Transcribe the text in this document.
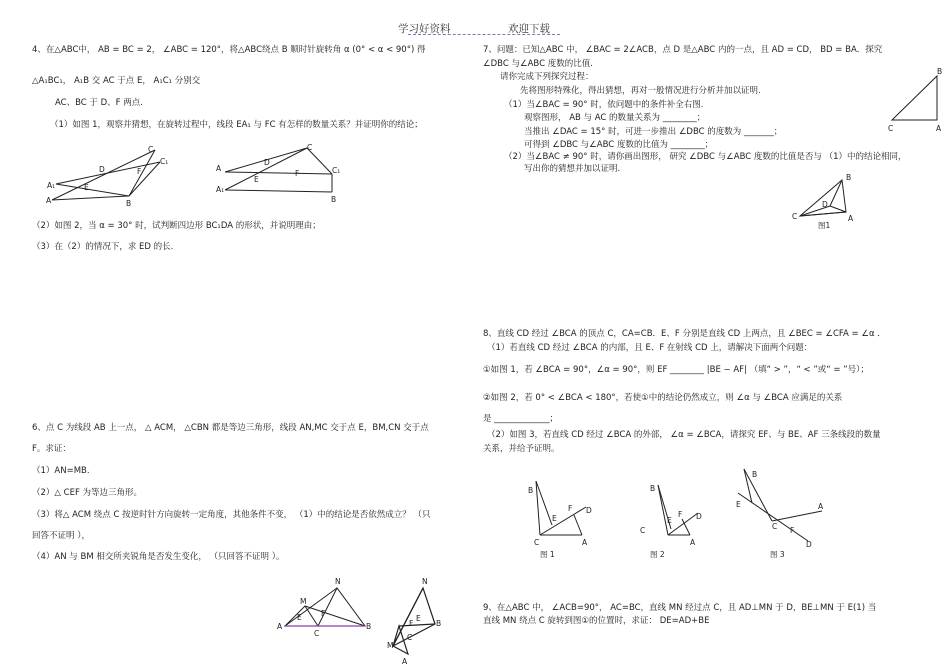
学习好资料	欢迎下载
4、在△ABC中， AB = BC = 2， ∠ABC = 120°，将△ABC绕点 B 顺时针旋转角 α (0° < α < 90°) 得
△A₁BC₁， A₁B 交 AC 于点 E， A₁C₁ 分别交
AC、BC 于 D、F 两点.
（1）如图 1，观察并猜想，在旋转过程中，线段 EA₁ 与 FC 有怎样的数量关系？并证明你的结论；
C
C₁
A₁
A
D
E
F
B
C
C₁
A
A₁
D
E
F
B
（2）如图 2，当 α = 30° 时，试判断四边形 BC₁DA 的形状，并说明理由；
（3）在（2）的情况下，求 ED 的长.
6、点 C 为线段 AB 上一点， △ ACM， △CBN 都是等边三角形，线段 AN,MC 交于点 E，BM,CN 交于点
F。求证：
（1）AN=MB.
（2）△ CEF 为等边三角形。
（3）将△ ACM 绕点 C 按逆时针方向旋转一定角度，其他条件不变， （1）中的结论是否依然成立？ （只
回答不证明 ），
（4）AN 与 BM 相交所夹锐角是否发生变化， （只回答不证明 ）。
N
M
A	B
C
E	F
N
B
M
A
F
E
C
7、问题：已知△ABC 中， ∠BAC = 2∠ACB，点 D 是△ABC 内的一点，且 AD = CD， BD = BA．探究
∠DBC 与∠ABC 度数的比值.
请你完成下列探究过程：
先将图形特殊化，得出猜想，再对一般情况进行分析并加以证明.
（1）当∠BAC = 90° 时，依问题中的条件补全右图.
观察图形， AB 与 AC 的数量关系为 ________；
当推出 ∠DAC = 15° 时，可进一步推出 ∠DBC 的度数为 _______；
可得到 ∠DBC 与∠ABC 度数的比值为 ________；
（2）当∠BAC ≠ 90° 时，请你画出图形， 研究 ∠DBC 与∠ABC 度数的比值是否与 （1）中的结论相同，
写出你的猜想并加以证明.
B
C	A
B
C	A
D
图1
8、直线 CD 经过 ∠BCA 的顶点 C，CA=CB．E、F 分别是直线 CD 上两点，且 ∠BEC = ∠CFA = ∠α ．
（1）若直线 CD 经过 ∠BCA 的内部，且 E、F 在射线 CD 上，请解决下面两个问题：
①如图 1，若 ∠BCA = 90°，∠α = 90°，则 EF ________ |BE − AF| （填“ > ”，“ < ”或“ = ”号）；
②如图 2，若 0° < ∠BCA < 180°，若使①中的结论仍然成立，则 ∠α 与 ∠BCA 应满足的关系
是 _____________；
（2）如图 3，若直线 CD 经过 ∠BCA 的外部， ∠α = ∠BCA，请探究 EF、与 BE、AF 三条线段的数量
关系，并给予证明。
B
E
F D
C	A
图 1
B
E
F D
C
A
图 2
B
E
C
A
F
D
图 3
9、在△ABC 中， ∠ACB=90°， AC=BC，直线 MN 经过点 C，且 AD⊥MN 于 D，BE⊥MN 于 E(1) 当
直线 MN 绕点 C 旋转到图①的位置时，求证： DE=AD+BE
